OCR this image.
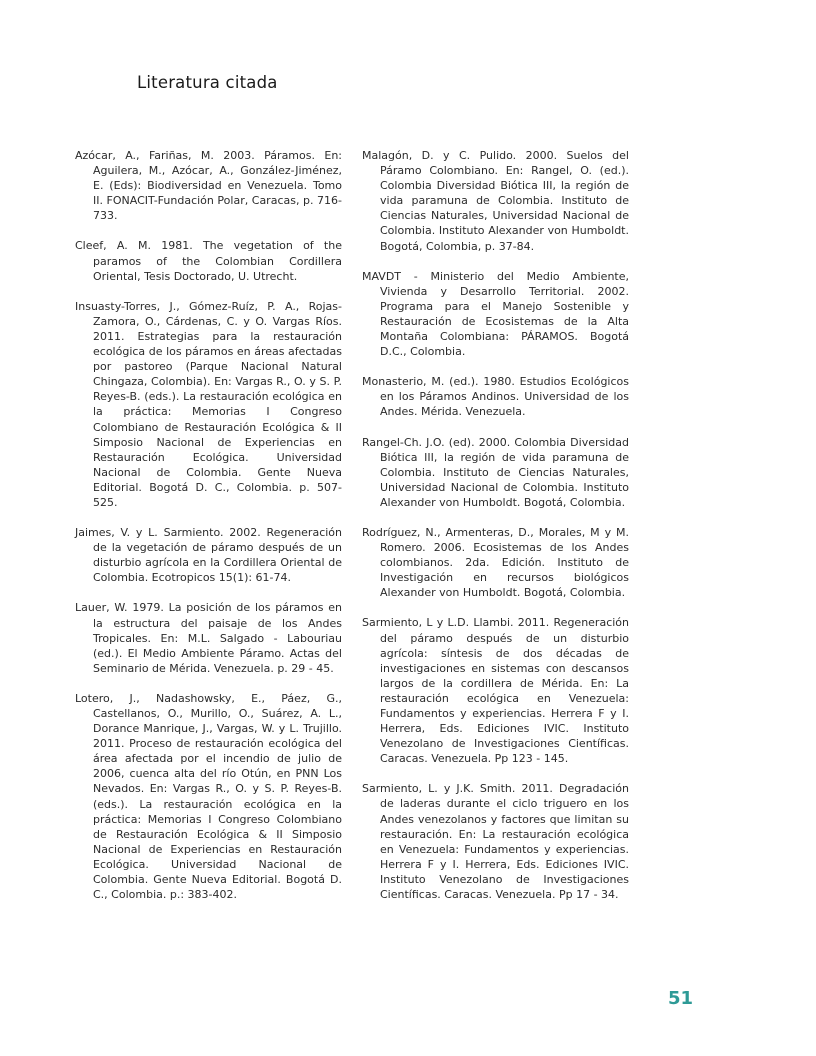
Literatura citada

Azócar, A., Fariñas, M. 2003. Páramos. En: Aguilera, M., Azócar, A., González-Jiménez, E. (Eds): Biodiversidad en Venezuela. Tomo II. FONACIT-Fundación Polar, Caracas, p. 716-733.

Cleef, A. M. 1981. The vegetation of the paramos of the Colombian Cordillera Oriental, Tesis Doctorado, U. Utrecht.

Insuasty-Torres, J., Gómez-Ruíz, P. A., Rojas-Zamora, O., Cárdenas, C. y O. Vargas Ríos. 2011. Estrategias para la restauración ecológica de los páramos en áreas afectadas por pastoreo (Parque Nacional Natural Chingaza, Colombia). En: Vargas R., O. y S. P. Reyes-B. (eds.). La restauración ecológica en la práctica: Memorias I Congreso Colombiano de Restauración Ecológica & II Simposio Nacional de Experiencias en Restauración Ecológica. Universidad Nacional de Colombia. Gente Nueva Editorial. Bogotá D. C., Colombia. p. 507-525.

Jaimes, V. y L. Sarmiento. 2002. Regeneración de la vegetación de páramo después de un disturbio agrícola en la Cordillera Oriental de Colombia. Ecotropicos 15(1): 61-74.

Lauer, W. 1979. La posición de los páramos en la estructura del paisaje de los Andes Tropicales. En: M.L. Salgado - Labouriau (ed.). El Medio Ambiente Páramo. Actas del Seminario de Mérida. Venezuela. p. 29 - 45.

Lotero, J., Nadashowsky, E., Páez, G., Castellanos, O., Murillo, O., Suárez, A. L., Dorance Manrique, J., Vargas, W. y L. Trujillo. 2011. Proceso de restauración ecológica del área afectada por el incendio de julio de 2006, cuenca alta del río Otún, en PNN Los Nevados. En: Vargas R., O. y S. P. Reyes-B. (eds.). La restauración ecológica en la práctica: Memorias I Congreso Colombiano de Restauración Ecológica & II Simposio Nacional de Experiencias en Restauración Ecológica. Universidad Nacional de Colombia. Gente Nueva Editorial. Bogotá D. C., Colombia. p.: 383-402.

Malagón, D. y C. Pulido. 2000. Suelos del Páramo Colombiano. En: Rangel, O. (ed.). Colombia Diversidad Biótica III, la región de vida paramuna de Colombia. Instituto de Ciencias Naturales, Universidad Nacional de Colombia. Instituto Alexander von Humboldt. Bogotá, Colombia, p. 37-84.

MAVDT - Ministerio del Medio Ambiente, Vivienda y Desarrollo Territorial. 2002. Programa para el Manejo Sostenible y Restauración de Ecosistemas de la Alta Montaña Colombiana: PÁRAMOS. Bogotá D.C., Colombia.

Monasterio, M. (ed.). 1980. Estudios Ecológicos en los Páramos Andinos. Universidad de los Andes. Mérida. Venezuela.

Rangel-Ch. J.O. (ed). 2000. Colombia Diversidad Biótica III, la región de vida paramuna de Colombia. Instituto de Ciencias Naturales, Universidad Nacional de Colombia. Instituto Alexander von Humboldt. Bogotá, Colombia.

Rodríguez, N., Armenteras, D., Morales, M y M. Romero. 2006. Ecosistemas de los Andes colombianos. 2da. Edición. Instituto de Investigación en recursos biológicos Alexander von Humboldt. Bogotá, Colombia.

Sarmiento, L y L.D. Llambi. 2011. Regeneración del páramo después de un disturbio agrícola: síntesis de dos décadas de investigaciones en sistemas con descansos largos de la cordillera de Mérida. En: La restauración ecológica en Venezuela: Fundamentos y experiencias. Herrera F y I. Herrera, Eds. Ediciones IVIC. Instituto Venezolano de Investigaciones Científicas. Caracas. Venezuela. Pp 123 - 145.

Sarmiento, L. y J.K. Smith. 2011. Degradación de laderas durante el ciclo triguero en los Andes venezolanos y factores que limitan su restauración. En: La restauración ecológica en Venezuela: Fundamentos y experiencias. Herrera F y I. Herrera, Eds. Ediciones IVIC. Instituto Venezolano de Investigaciones Científicas. Caracas. Venezuela. Pp 17 - 34.

51
